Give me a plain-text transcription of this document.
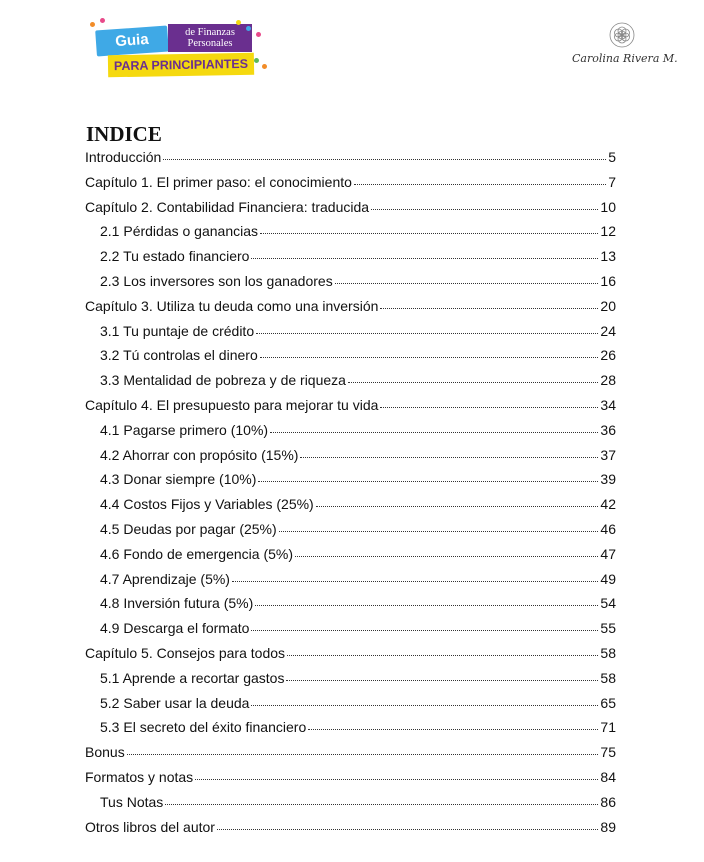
Guia	de Finanzas Personales
PARA PRINCIPIANTES	Carolina Rivera M.
INDICE
Introducción	5
Capítulo 1. El primer paso: el conocimiento	7
Capítulo 2. Contabilidad Financiera: traducida	10
2.1 Pérdidas o ganancias	12
2.2 Tu estado financiero	13
2.3 Los inversores son los ganadores	16
Capítulo 3. Utiliza tu deuda como una inversión	20
3.1 Tu puntaje de crédito	24
3.2 Tú controlas el dinero	26
3.3 Mentalidad de pobreza y de riqueza	28
Capítulo 4. El presupuesto para mejorar tu vida	34
4.1 Pagarse primero (10%)	36
4.2 Ahorrar con propósito (15%)	37
4.3 Donar siempre (10%)	39
4.4 Costos Fijos y Variables (25%)	42
4.5 Deudas por pagar (25%)	46
4.6 Fondo de emergencia (5%)	47
4.7 Aprendizaje (5%)	49
4.8 Inversión futura (5%)	54
4.9 Descarga el formato	55
Capítulo 5. Consejos para todos	58
5.1 Aprende a recortar gastos	58
5.2 Saber usar la deuda	65
5.3 El secreto del éxito financiero	71
Bonus	75
Formatos y notas	84
Tus Notas	86
Otros libros del autor	89
